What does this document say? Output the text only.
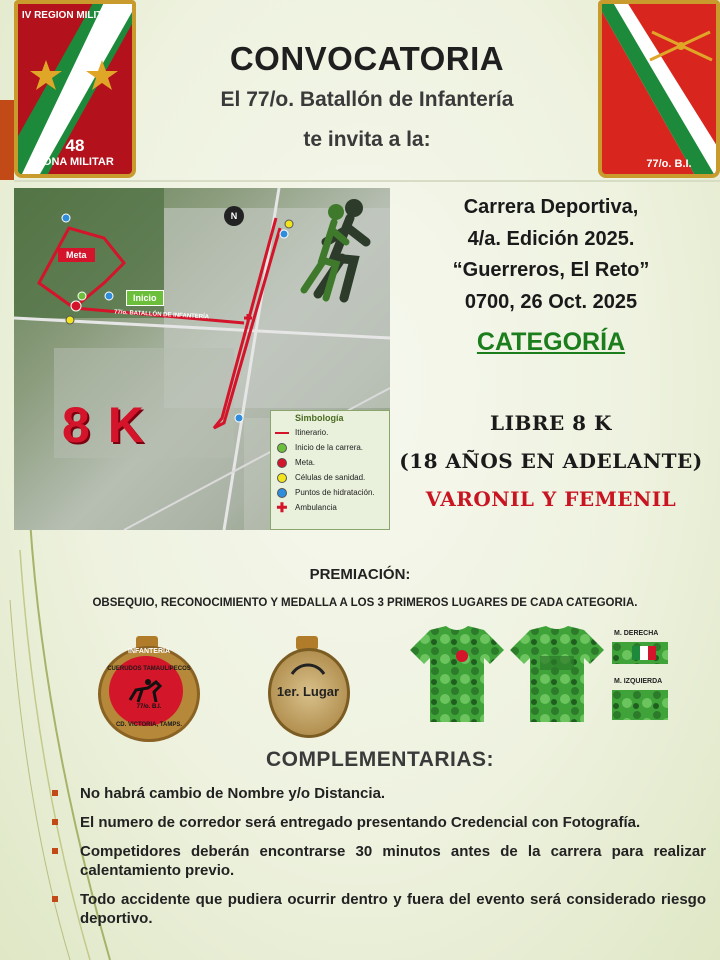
IV REGION MILITAR
48
ZONA MILITAR	77/o. B.I.
CONVOCATORIA
El 77/o. Batallón de Infantería
te invita a la:
Meta
Inicio
77/o. BATALLÓN DE INFANTERÍA
N
8 K	Simbología
Itinerario.
Inicio de la carrera.
Meta.
Células de sanidad.
Puntos de hidratación.
✚ Ambulancia
Carrera Deportiva,
4/a. Edición 2025.
“Guerreros, El Reto”
0700, 26 Oct. 2025
CATEGORÍA
LIBRE 8 K
(18 AÑOS EN ADELANTE)
VARONIL Y FEMENIL
PREMIACIÓN:
OBSEQUIO, RECONOCIMIENTO Y MEDALLA A LOS 3 PRIMEROS LUGARES DE CADA CATEGORIA.
INFANTERÍA
CUERUDOS TAMAULIPECOS
77/o. B.I.
CD. VICTORIA, TAMPS.
1er. Lugar
M. DERECHA
M. IZQUIERDA
COMPLEMENTARIAS:
No habrá cambio de Nombre y/o Distancia.
El numero de corredor será entregado presentando Credencial con Fotografía.
Competidores deberán encontrarse 30 minutos antes de la carrera para realizar calentamiento previo.
Todo accidente que pudiera ocurrir dentro y fuera del evento será considerado riesgo deportivo.
